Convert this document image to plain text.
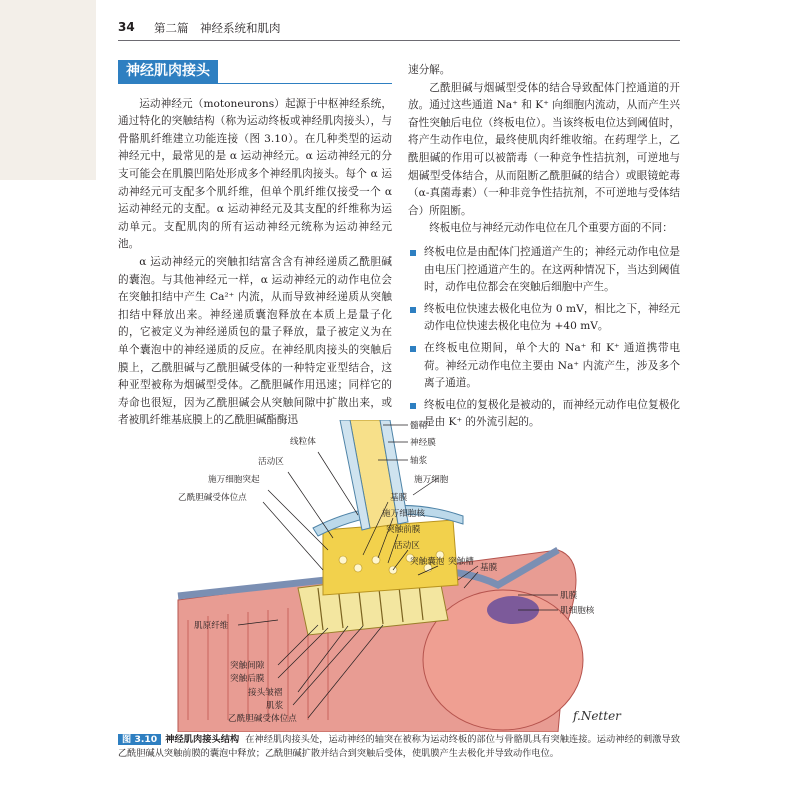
34 第二篇　神经系统和肌肉
神经肌肉接头

运动神经元（motoneurons）起源于中枢神经系统，通过特化的突触结构（称为运动终板或神经肌肉接头），与骨骼肌纤维建立功能连接（图 3.10）。在几种类型的运动神经元中，最常见的是 α 运动神经元。α 运动神经元的分支可能会在肌膜凹陷处形成多个神经肌肉接头。每个 α 运动神经元可支配多个肌纤维，但单个肌纤维仅接受一个 α 运动神经元的支配。α 运动神经元及其支配的纤维称为运动单元。支配肌肉的所有运动神经元统称为运动神经元池。

α 运动神经元的突触扣结富含含有神经递质乙酰胆碱的囊泡。与其他神经元一样，α 运动神经元的动作电位会在突触扣结中产生 Ca²⁺ 内流，从而导致神经递质从突触扣结中释放出来。神经递质囊泡释放在本质上是量子化的，它被定义为神经递质包的量子释放，量子被定义为在单个囊泡中的神经递质的反应。在神经肌肉接头的突触后膜上，乙酰胆碱与乙酰胆碱受体的一种特定亚型结合，这种亚型被称为烟碱型受体。乙酰胆碱作用迅速；同样它的寿命也很短，因为乙酰胆碱会从突触间隙中扩散出来，或者被肌纤维基底膜上的乙酰胆碱酯酶迅

速分解。

乙酰胆碱与烟碱型受体的结合导致配体门控通道的开放。通过这些通道 Na⁺ 和 K⁺ 向细胞内流动，从而产生兴奋性突触后电位（终板电位）。当该终板电位达到阈值时，将产生动作电位，最终使肌肉纤维收缩。在药理学上，乙酰胆碱的作用可以被箭毒（一种竞争性拮抗剂，可逆地与烟碱型受体结合，从而阻断乙酰胆碱的结合）或眼镜蛇毒（α-真菌毒素）（一种非竞争性拮抗剂，不可逆地与受体结合）所阻断。

终板电位与神经元动作电位在几个重要方面的不同：

终板电位是由配体门控通道产生的；神经元动作电位是由电压门控通道产生的。在这两种情况下，当达到阈值时，动作电位都会在突触后细胞中产生。
终板电位快速去极化电位为 0 mV，相比之下，神经元动作电位快速去极化电位为 +40 mV。
在终板电位期间，单个大的 Na⁺ 和 K⁺ 通道携带电荷。神经元动作电位主要由 Na⁺ 内流产生，涉及多个离子通道。
终板电位的复极化是被动的，而神经元动作电位复极化是由 K⁺ 的外流引起的。
髓鞘
神经膜
轴浆
施万细胞
线粒体
活动区
施万细胞突起
乙酰胆碱受体位点	基膜
施万细胞核
突触前膜
活动区
突触囊泡 突触槽
基膜
肌膜
肌细胞核
肌原纤维
突触间隙
突触后膜
接头皱褶
肌浆
乙酰胆碱受体位点	f.Netter
图 3.10 神经肌肉接头结构 在神经肌肉接头处，运动神经的轴突在被称为运动终板的部位与骨骼肌具有突触连接。运动神经的刺激导致乙酰胆碱从突触前膜的囊泡中释放；乙酰胆碱扩散并结合到突触后受体，使肌膜产生去极化并导致动作电位。
